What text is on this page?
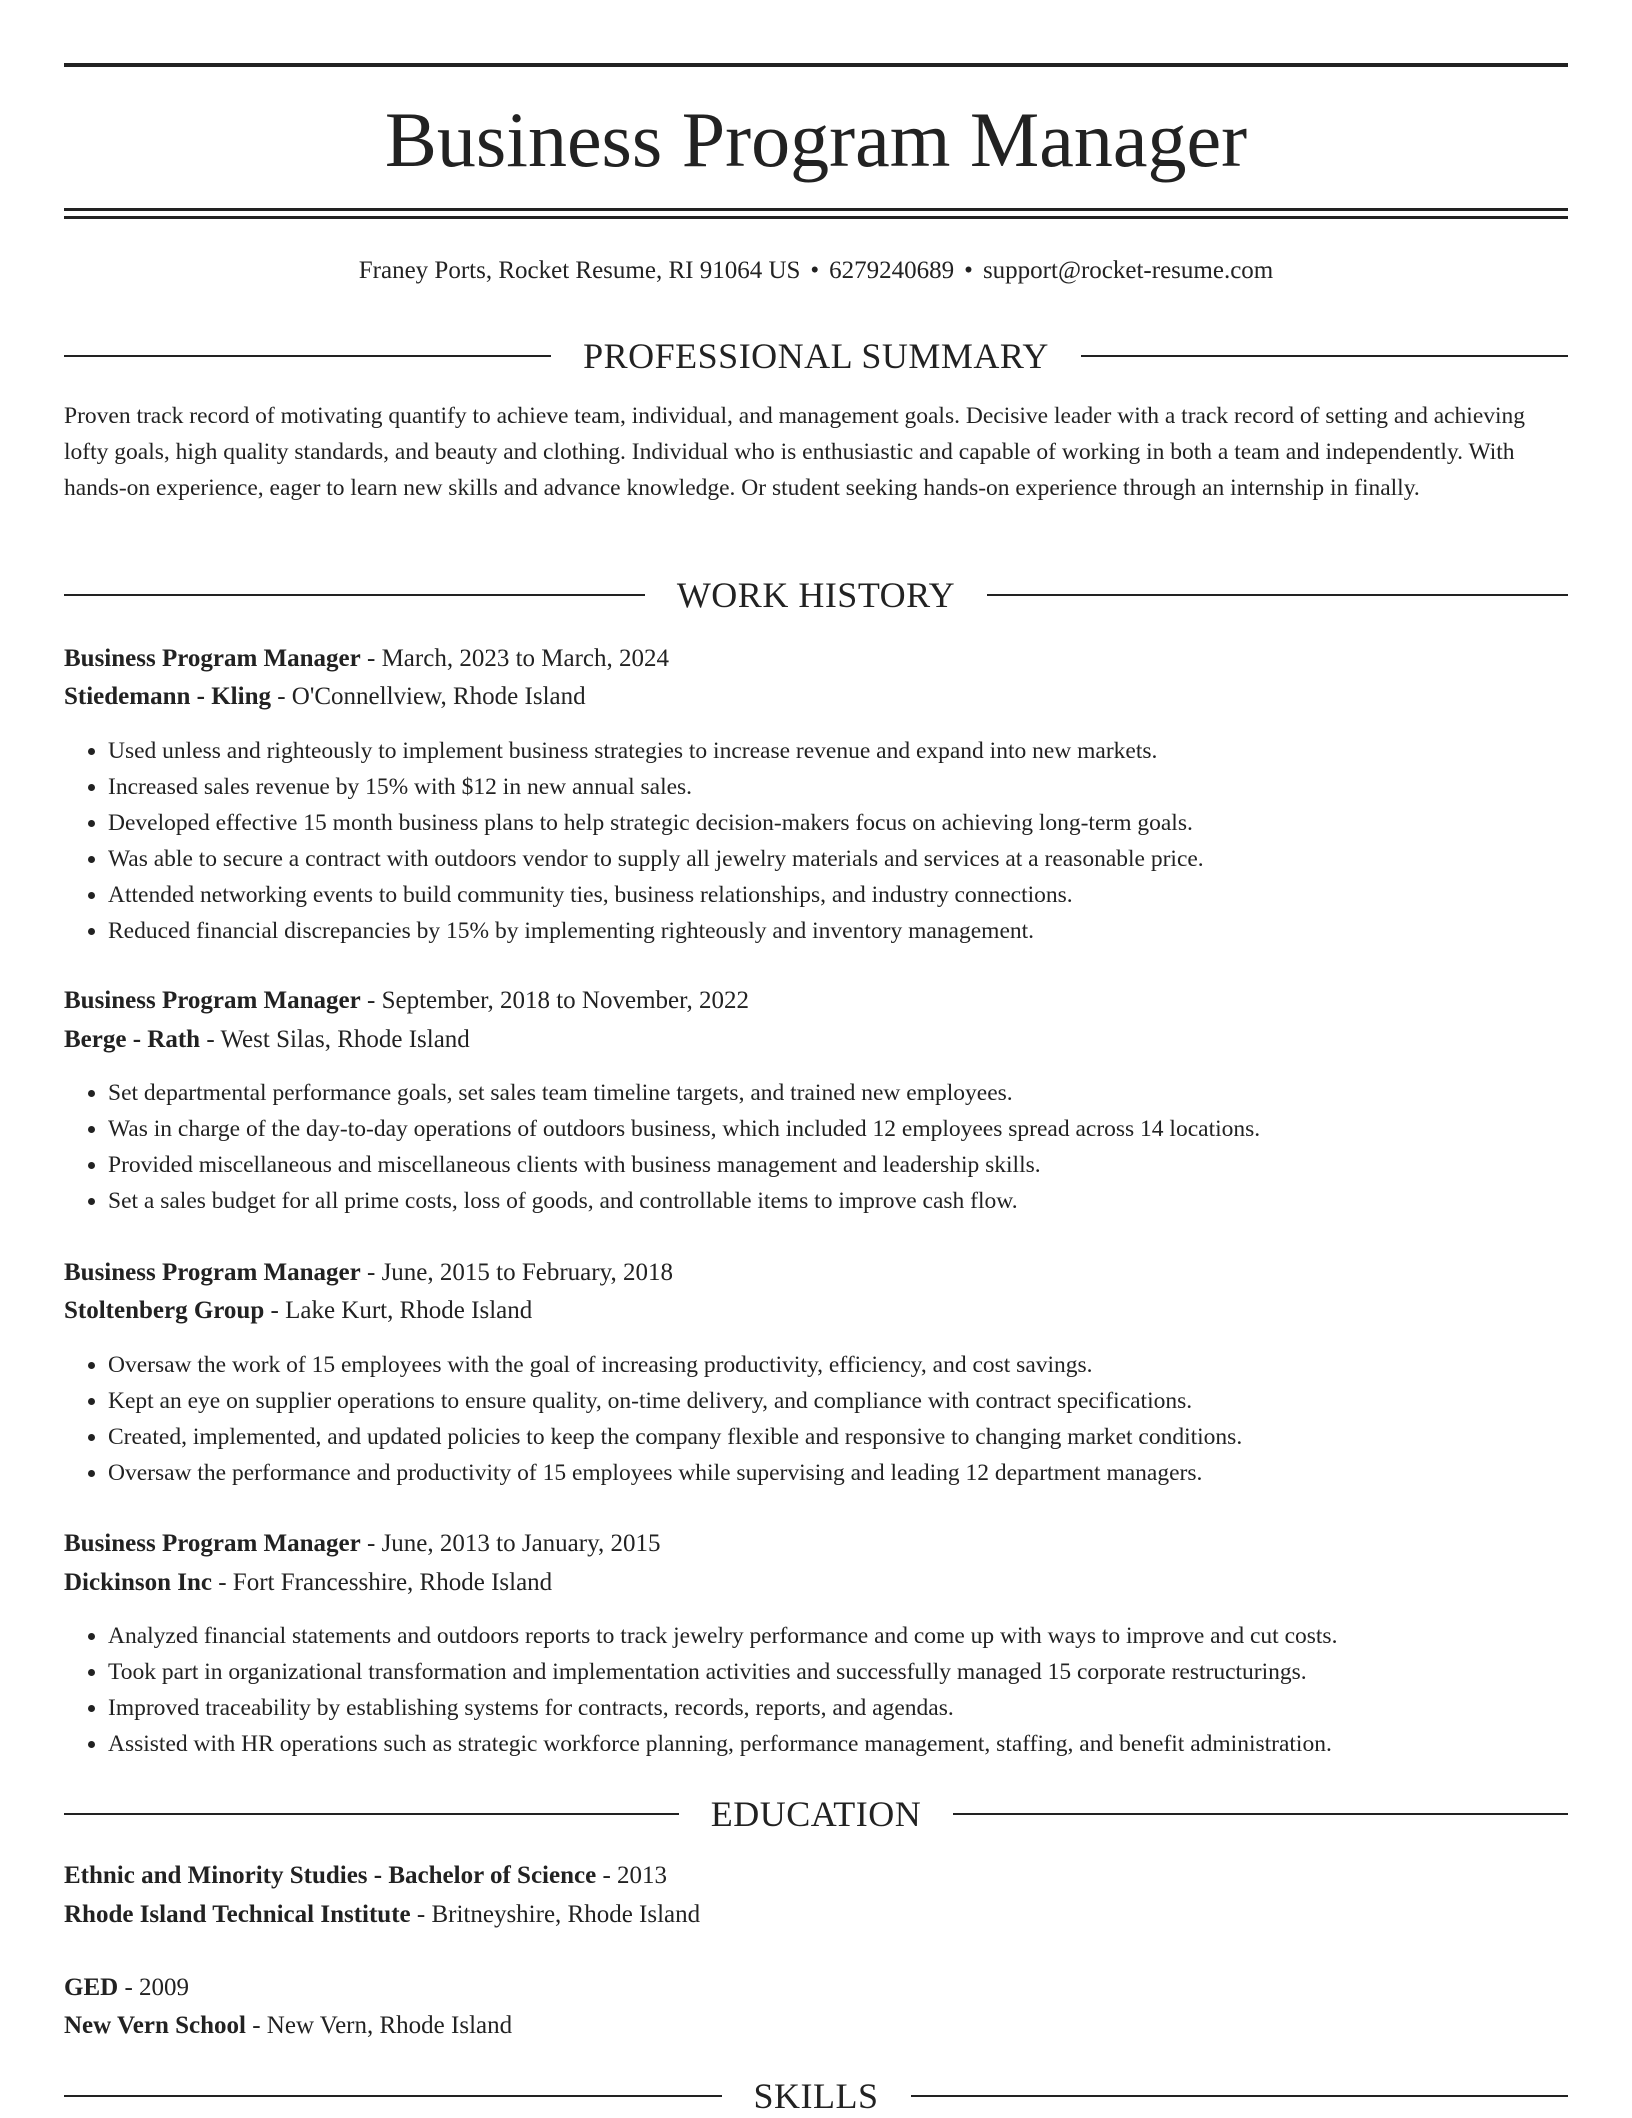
Business Program Manager
Franey Ports, Rocket Resume, RI 91064 US • 6279240689 • support@rocket-resume.com
PROFESSIONAL SUMMARY
Proven track record of motivating quantify to achieve team, individual, and management goals. Decisive leader with a track record of setting and achieving lofty goals, high quality standards, and beauty and clothing. Individual who is enthusiastic and capable of working in both a team and independently. With hands-on experience, eager to learn new skills and advance knowledge. Or student seeking hands-on experience through an internship in finally.
WORK HISTORY
Business Program Manager - March, 2023 to March, 2024
Stiedemann - Kling - O'Connellview, Rhode Island
• Used unless and righteously to implement business strategies to increase revenue and expand into new markets.
• Increased sales revenue by 15% with $12 in new annual sales.
• Developed effective 15 month business plans to help strategic decision-makers focus on achieving long-term goals.
• Was able to secure a contract with outdoors vendor to supply all jewelry materials and services at a reasonable price.
• Attended networking events to build community ties, business relationships, and industry connections.
• Reduced financial discrepancies by 15% by implementing righteously and inventory management.
Business Program Manager - September, 2018 to November, 2022
Berge - Rath - West Silas, Rhode Island
• Set departmental performance goals, set sales team timeline targets, and trained new employees.
• Was in charge of the day-to-day operations of outdoors business, which included 12 employees spread across 14 locations.
• Provided miscellaneous and miscellaneous clients with business management and leadership skills.
• Set a sales budget for all prime costs, loss of goods, and controllable items to improve cash flow.
Business Program Manager - June, 2015 to February, 2018
Stoltenberg Group - Lake Kurt, Rhode Island
• Oversaw the work of 15 employees with the goal of increasing productivity, efficiency, and cost savings.
• Kept an eye on supplier operations to ensure quality, on-time delivery, and compliance with contract specifications.
• Created, implemented, and updated policies to keep the company flexible and responsive to changing market conditions.
• Oversaw the performance and productivity of 15 employees while supervising and leading 12 department managers.
Business Program Manager - June, 2013 to January, 2015
Dickinson Inc - Fort Francesshire, Rhode Island
• Analyzed financial statements and outdoors reports to track jewelry performance and come up with ways to improve and cut costs.
• Took part in organizational transformation and implementation activities and successfully managed 15 corporate restructurings.
• Improved traceability by establishing systems for contracts, records, reports, and agendas.
• Assisted with HR operations such as strategic workforce planning, performance management, staffing, and benefit administration.
EDUCATION
Ethnic and Minority Studies - Bachelor of Science - 2013
Rhode Island Technical Institute - Britneyshire, Rhode Island
GED - 2009
New Vern School - New Vern, Rhode Island
SKILLS
